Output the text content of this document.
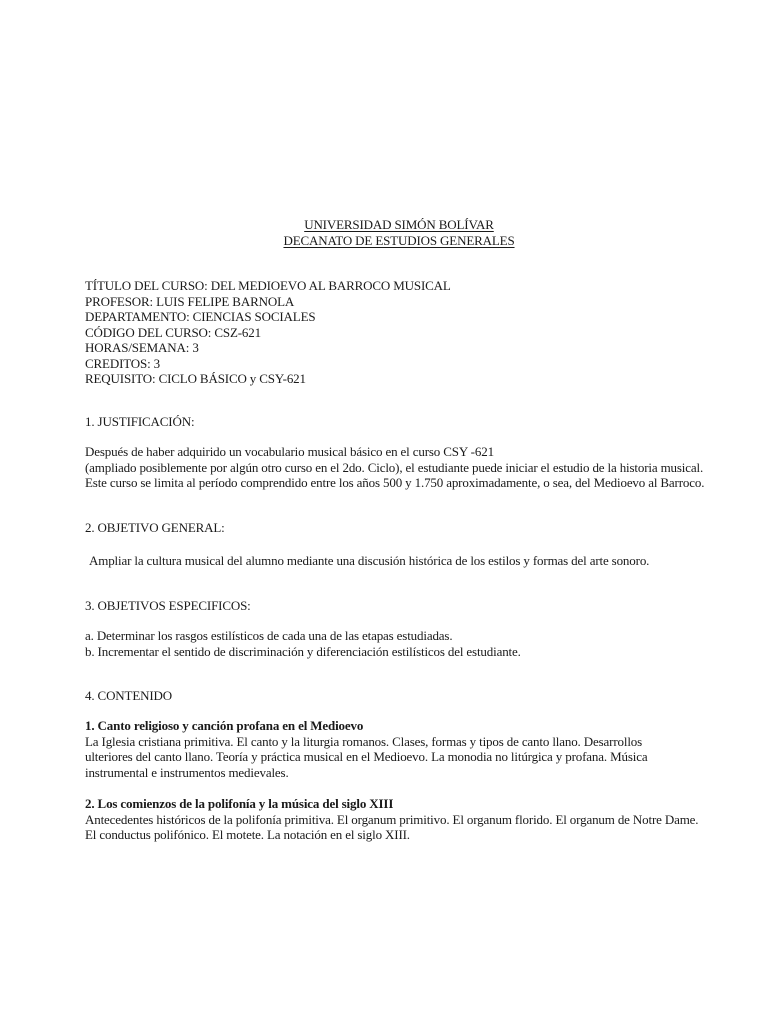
UNIVERSIDAD SIMÓN BOLÍVAR
DECANATO DE ESTUDIOS GENERALES
TÍTULO DEL CURSO: DEL MEDIOEVO AL BARROCO MUSICAL
PROFESOR: LUIS FELIPE BARNOLA
DEPARTAMENTO: CIENCIAS SOCIALES
CÓDIGO DEL CURSO: CSZ-621
HORAS/SEMANA: 3
CREDITOS: 3
REQUISITO: CICLO BÁSICO y CSY-621
1. JUSTIFICACIÓN:
Después de haber adquirido un vocabulario musical básico en el curso CSY -621
(ampliado posiblemente por algún otro curso en el 2do. Ciclo), el estudiante puede iniciar el estudio de la historia musical.
Este curso se limita al período comprendido entre los años 500 y 1.750 aproximadamente, o sea, del Medioevo al Barroco.
2. OBJETIVO GENERAL:
Ampliar la cultura musical del alumno mediante una discusión histórica de los estilos y formas del arte sonoro.
3. OBJETIVOS ESPECIFICOS:
a. Determinar los rasgos estilísticos de cada una de las etapas estudiadas.
b. Incrementar el sentido de discriminación y diferenciación estilísticos del estudiante.
4. CONTENIDO
1. Canto religioso y canción profana en el Medioevo
La Iglesia cristiana primitiva. El canto y la liturgia romanos. Clases, formas y tipos de canto llano. Desarrollos
ulteriores del canto llano. Teoría y práctica musical en el Medioevo. La monodia no litúrgica y profana. Música
instrumental e instrumentos medievales.
2. Los comienzos de la polifonía y la música del siglo XIII
Antecedentes históricos de la polifonía primitiva. El organum primitivo. El organum florido. El organum de Notre Dame.
El conductus polifónico. El motete. La notación en el siglo XIII.
